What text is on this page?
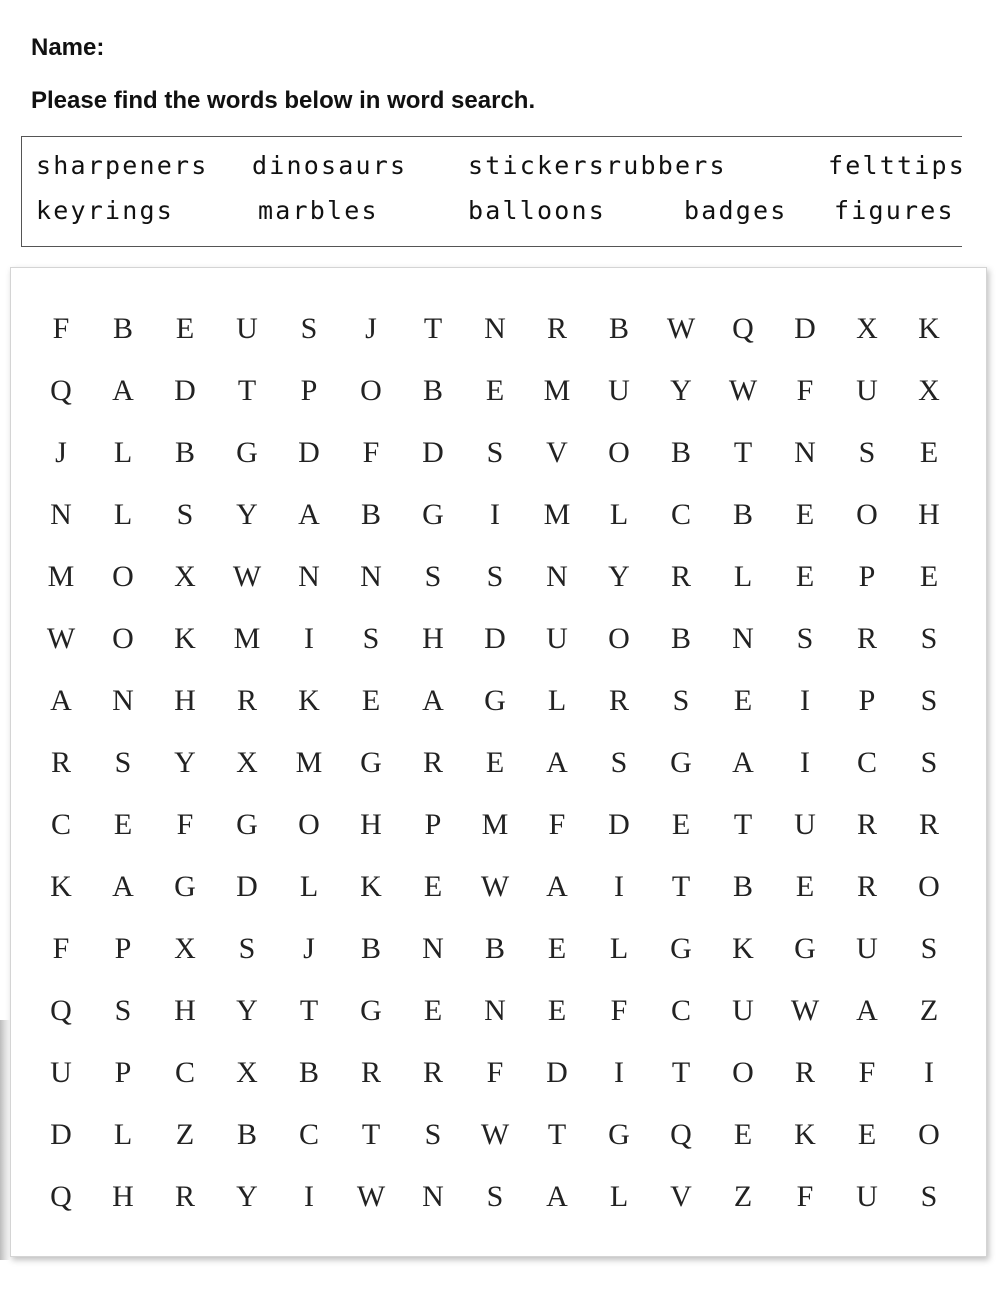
Name:

Please find the words below in word search.

sharpeners dinosaurs stickersrubbers	felttips
keyrings	marbles	balloons	badges figures
F	B	E	U	S	J	T	N	R	B	W	Q	D	X	K
Q	A	D	T	P	O	B	E	M	U	Y	W	F	U	X
J	L	B	G	D	F	D	S	V	O	B	T	N	S	E
N	L	S	Y	A	B	G	I	M	L	C	B	E	O	H
M	O	X	W	N	N	S	S	N	Y	R	L	E	P	E
W	O	K	M	I	S	H	D	U	O	B	N	S	R	S
A	N	H	R	K	E	A	G	L	R	S	E	I	P	S
R	S	Y	X	M	G	R	E	A	S	G	A	I	C	S
C	E	F	G	O	H	P	M	F	D	E	T	U	R	R
K	A	G	D	L	K	E	W	A	I	T	B	E	R	O
F	P	X	S	J	B	N	B	E	L	G	K	G	U	S
Q	S	H	Y	T	G	E	N	E	F	C	U	W	A	Z
U	P	C	X	B	R	R	F	D	I	T	O	R	F	I
D	L	Z	B	C	T	S	W	T	G	Q	E	K	E	O
Q	H	R	Y	I	W	N	S	A	L	V	Z	F	U	S
